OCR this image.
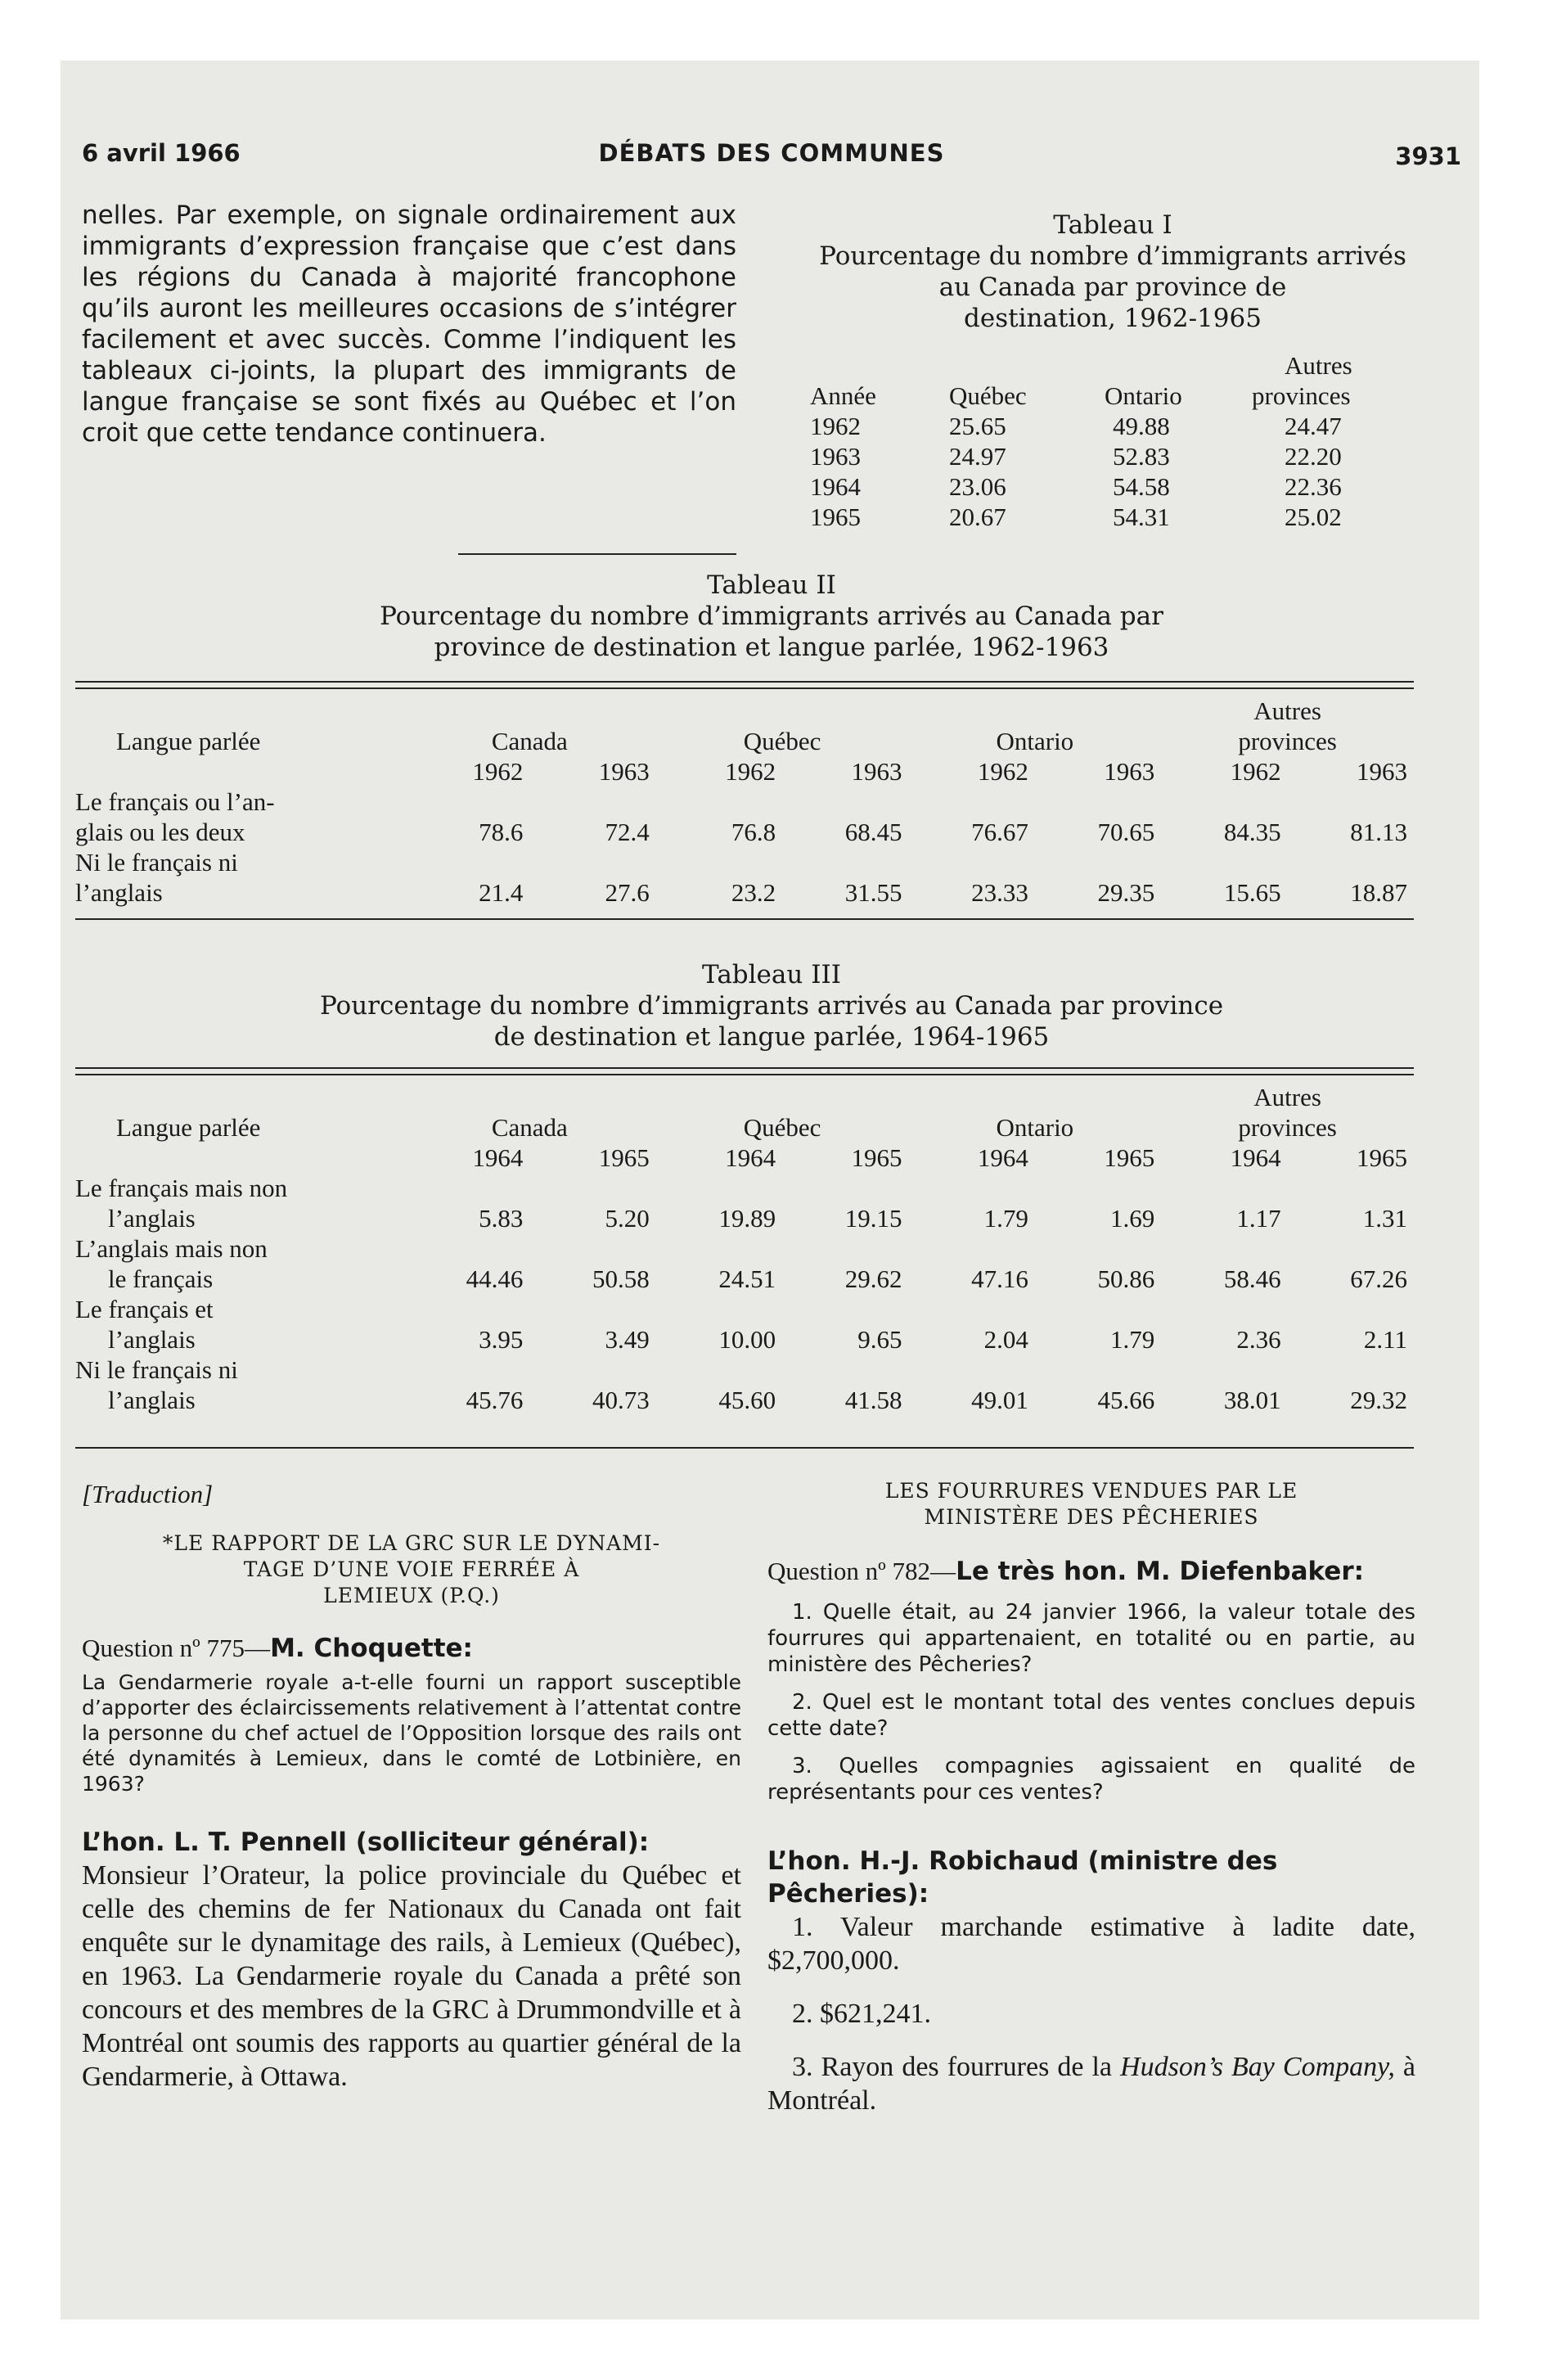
6 avril 1966	DÉBATS DES COMMUNES	3931

nelles. Par exemple, on signale ordinairement aux immigrants d’expression française que c’est dans les régions du Canada à majorité francophone qu’ils auront les meilleures occasions de s’intégrer facilement et avec succès. Comme l’indiquent les tableaux ci-joints, la plupart des immigrants de langue française se sont fixés au Québec et l’on croit que cette tendance continuera.

Tableau I
Pourcentage du nombre d’immigrants arrivés
au Canada par province de
destination, 1962-1965
			Autres
Année	Québec	Ontario	provinces
1962	25.65	49.88	24.47
1963	24.97	52.83	22.20
1964	23.06	54.58	22.36
1965	20.67	54.31	25.02
Tableau II
Pourcentage du nombre d’immigrants arrivés au Canada par
province de destination et langue parlée, 1962-1963
							Autres	
Langue parlée	Canada		Québec		Ontario		provinces	
	1962	1963	1962	1963	1962	1963	1962	1963

Le français ou l’an-
glais ou les deux	78.6	72.4	76.8	68.45	76.67	70.65	84.35	81.13

Ni le français ni
l’anglais	21.4	27.6	23.2	31.55	23.33	29.35	15.65	18.87
Tableau III
Pourcentage du nombre d’immigrants arrivés au Canada par province
de destination et langue parlée, 1964-1965
							Autres	
Langue parlée	Canada		Québec		Ontario		provinces	
	1964	1965	1964	1965	1964	1965	1964	1965

Le français mais non
l’anglais	5.83	5.20	19.89	19.15	1.79	1.69	1.17	1.31

L’anglais mais non
le français	44.46	50.58	24.51	29.62	47.16	50.86	58.46	67.26

Le français et
l’anglais	3.95	3.49	10.00	9.65	2.04	1.79	2.36	2.11

Ni le français ni
l’anglais	45.76	40.73	45.60	41.58	49.01	45.66	38.01	29.32
[Traduction]
*LE RAPPORT DE LA GRC SUR LE DYNAMI-
TAGE D’UNE VOIE FERRÉE À
LEMIEUX (P.Q.)
Question nº 775—M. Choquette:

La Gendarmerie royale a-t-elle fourni un rapport susceptible d’apporter des éclaircissements relativement à l’attentat contre la personne du chef actuel de l’Opposition lorsque des rails ont été dynamités à Lemieux, dans le comté de Lotbinière, en 1963?

L’hon. L. T. Pennell (solliciteur général):

Monsieur l’Orateur, la police provinciale du Québec et celle des chemins de fer Nationaux du Canada ont fait enquête sur le dynamitage des rails, à Lemieux (Québec), en 1963. La Gendarmerie royale du Canada a prêté son concours et des membres de la GRC à Drummondville et à Montréal ont soumis des rapports au quartier général de la Gendarmerie, à Ottawa.

LES FOURRURES VENDUES PAR LE
MINISTÈRE DES PÊCHERIES
Question nº 782—Le très hon. M. Diefenbaker:

1. Quelle était, au 24 janvier 1966, la valeur totale des fourrures qui appartenaient, en totalité ou en partie, au ministère des Pêcheries?

2. Quel est le montant total des ventes conclues depuis cette date?

3. Quelles compagnies agissaient en qualité de représentants pour ces ventes?

L’hon. H.-J. Robichaud (ministre des Pêcheries):

1. Valeur marchande estimative à ladite date, $2,700,000.

2. $621,241.

3. Rayon des fourrures de la Hudson’s Bay Company, à Montréal.
